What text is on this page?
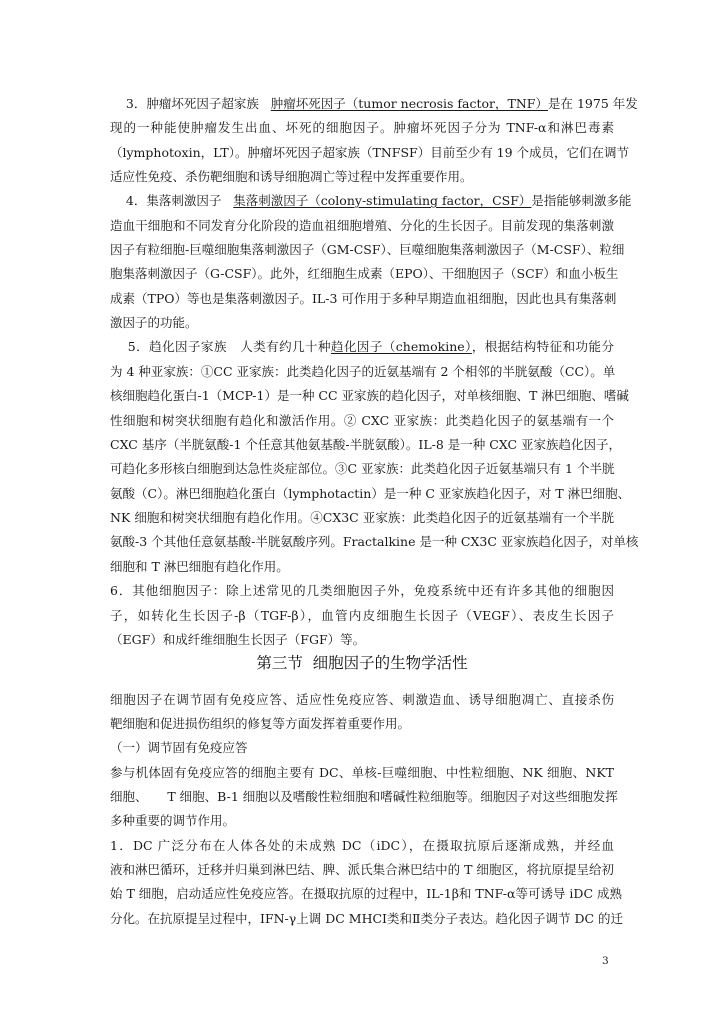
3．肿瘤坏死因子超家族   肿瘤坏死因子（tumor necrosis factor，TNF）是在 1975 年发
现的一种能使肿瘤发生出血、坏死的细胞因子。肿瘤坏死因子分为 TNF-α和淋巴毒素
（lymphotoxin，LT）。肿瘤坏死因子超家族（TNFSF）目前至少有 19 个成员，它们在调节
适应性免疫、杀伤靶细胞和诱导细胞凋亡等过程中发挥重要作用。
4．集落刺激因子   集落刺激因子（colony-stimulating factor，CSF）是指能够刺激多能
造血干细胞和不同发育分化阶段的造血祖细胞增殖、分化的生长因子。目前发现的集落刺激
因子有粒细胞-巨噬细胞集落刺激因子（GM-CSF）、巨噬细胞集落刺激因子（M-CSF）、粒细
胞集落刺激因子（G-CSF）。此外，红细胞生成素（EPO）、干细胞因子（SCF）和血小板生
成素（TPO）等也是集落刺激因子。IL-3 可作用于多种早期造血祖细胞，因此也具有集落刺
激因子的功能。
5．趋化因子家族   人类有约几十种趋化因子（chemokine），根据结构特征和功能分
为 4 种亚家族：①CC 亚家族：此类趋化因子的近氨基端有 2 个相邻的半胱氨酸（CC）。单
核细胞趋化蛋白-1（MCP-1）是一种 CC 亚家族的趋化因子，对单核细胞、T 淋巴细胞、嗜碱
性细胞和树突状细胞有趋化和激活作用。② CXC 亚家族：此类趋化因子的氨基端有一个
CXC 基序（半胱氨酸-1 个任意其他氨基酸-半胱氨酸）。IL-8 是一种 CXC 亚家族趋化因子，
可趋化多形核白细胞到达急性炎症部位。③C 亚家族：此类趋化因子近氨基端只有 1 个半胱
氨酸（C）。淋巴细胞趋化蛋白（lymphotactin）是一种 C 亚家族趋化因子，对 T 淋巴细胞、
NK 细胞和树突状细胞有趋化作用。④CX3C 亚家族：此类趋化因子的近氨基端有一个半胱
氨酸-3 个其他任意氨基酸-半胱氨酸序列。Fractalkine 是一种 CX3C 亚家族趋化因子，对单核
细胞和 T 淋巴细胞有趋化作用。
6．其他细胞因子：除上述常见的几类细胞因子外，免疫系统中还有许多其他的细胞因
子，如转化生长因子-β（TGF-β），血管内皮细胞生长因子（VEGF）、表皮生长因子
（EGF）和成纤维细胞生长因子（FGF）等。
第三节  细胞因子的生物学活性
细胞因子在调节固有免疫应答、适应性免疫应答、刺激造血、诱导细胞凋亡、直接杀伤
靶细胞和促进损伤组织的修复等方面发挥着重要作用。
（一）调节固有免疫应答
参与机体固有免疫应答的细胞主要有 DC、单核-巨噬细胞、中性粒细胞、NK 细胞、NKT
细胞、     T 细胞、B-1 细胞以及嗜酸性粒细胞和嗜碱性粒细胞等。细胞因子对这些细胞发挥
多种重要的调节作用。
1．DC 广泛分布在人体各处的未成熟 DC（iDC），在摄取抗原后逐渐成熟，并经血
液和淋巴循环，迁移并归巢到淋巴结、脾、派氏集合淋巴结中的 T 细胞区，将抗原提呈给初
始 T 细胞，启动适应性免疫应答。在摄取抗原的过程中，IL-1β和 TNF-α等可诱导 iDC 成熟
分化。在抗原提呈过程中，IFN-γ上调 DC MHCⅠ类和Ⅱ类分子表达。趋化因子调节 DC 的迁
3
